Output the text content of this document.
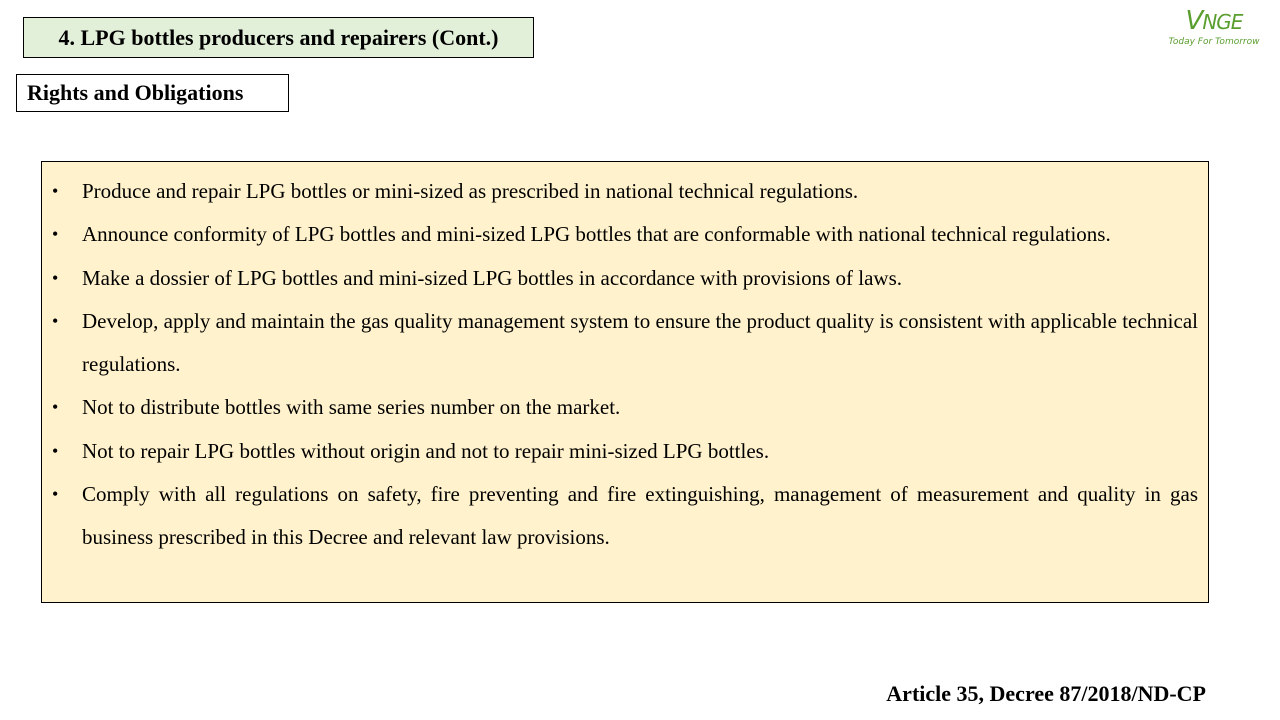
4. LPG bottles producers and repairers (Cont.)
Rights and Obligations
VNGE
Today For Tomorrow
• Produce and repair LPG bottles or mini-sized as prescribed in national technical regulations.
• Announce conformity of LPG bottles and mini-sized LPG bottles that are conformable with national technical regulations.
• Make a dossier of LPG bottles and mini-sized LPG bottles in accordance with provisions of laws.
• Develop, apply and maintain the gas quality management system to ensure the product quality is consistent with applicable technical regulations.
• Not to distribute bottles with same series number on the market.
• Not to repair LPG bottles without origin and not to repair mini-sized LPG bottles.
• Comply with all regulations on safety, fire preventing and fire extinguishing, management of measurement and quality in gas business prescribed in this Decree and relevant law provisions.
Article 35, Decree 87/2018/ND-CP
